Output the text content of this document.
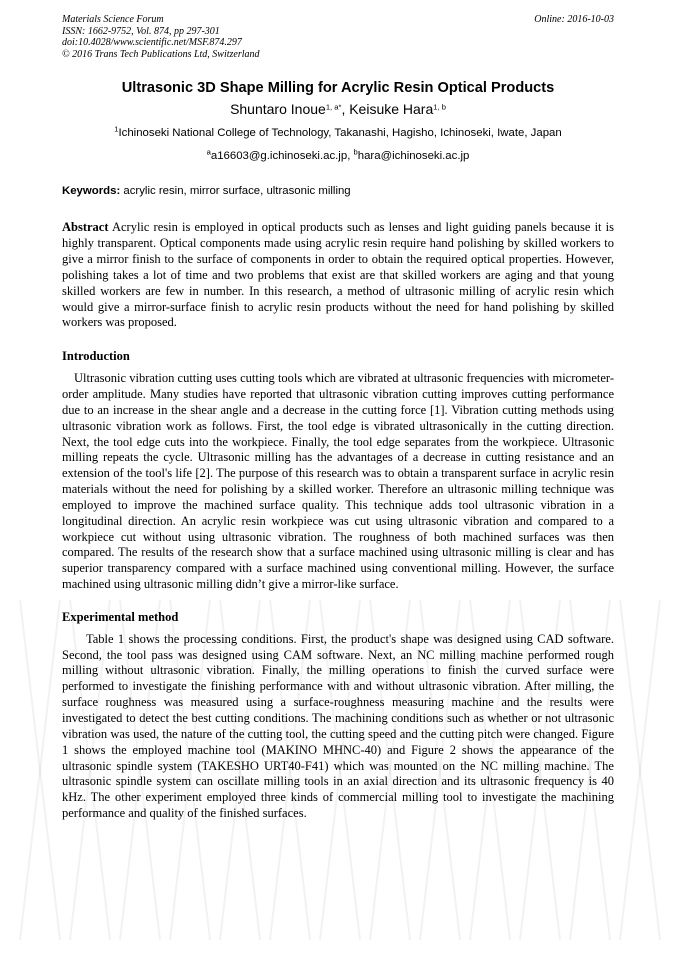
Materials Science Forum
ISSN: 1662-9752, Vol. 874, pp 297-301
doi:10.4028/www.scientific.net/MSF.874.297
© 2016 Trans Tech Publications Ltd, Switzerland
Online: 2016-10-03
Ultrasonic 3D Shape Milling for Acrylic Resin Optical Products
Shuntaro Inoue$^{1, a*}$, Keisuke Hara$^{1, b}$
$^1$Ichinoseki National College of Technology, Takanashi, Hagisho, Ichinoseki, Iwate, Japan
$^a$a16603@g.ichinoseki.ac.jp, $^b$hara@ichinoseki.ac.jp
Keywords: acrylic resin, mirror surface, ultrasonic milling

Abstract Acrylic resin is employed in optical products such as lenses and light guiding panels because it is highly transparent. Optical components made using acrylic resin require hand polishing by skilled workers to give a mirror finish to the surface of components in order to obtain the required optical properties. However, polishing takes a lot of time and two problems that exist are that skilled workers are aging and that young skilled workers are few in number. In this research, a method of ultrasonic milling of acrylic resin which would give a mirror-surface finish to acrylic resin products without the need for hand polishing by skilled workers was proposed.

Introduction

Ultrasonic vibration cutting uses cutting tools which are vibrated at ultrasonic frequencies with micrometer-order amplitude. Many studies have reported that ultrasonic vibration cutting improves cutting performance due to an increase in the shear angle and a decrease in the cutting force [1]. Vibration cutting methods using ultrasonic vibration work as follows. First, the tool edge is vibrated ultrasonically in the cutting direction. Next, the tool edge cuts into the workpiece. Finally, the tool edge separates from the workpiece. Ultrasonic milling repeats the cycle. Ultrasonic milling has the advantages of a decrease in cutting resistance and an extension of the tool's life [2]. The purpose of this research was to obtain a transparent surface in acrylic resin materials without the need for polishing by a skilled worker. Therefore an ultrasonic milling technique was employed to improve the machined surface quality. This technique adds tool ultrasonic vibration in a longitudinal direction. An acrylic resin workpiece was cut using ultrasonic vibration and compared to a workpiece cut without using ultrasonic vibration. The roughness of both machined surfaces was then compared. The results of the research show that a surface machined using ultrasonic milling is clear and has superior transparency compared with a surface machined using conventional milling. However, the surface machined using ultrasonic milling didn’t give a mirror-like surface.

Experimental method

Table 1 shows the processing conditions. First, the product's shape was designed using CAD software. Second, the tool pass was designed using CAM software. Next, an NC milling machine performed rough milling without ultrasonic vibration. Finally, the milling operations to finish the curved surface were performed to investigate the finishing performance with and without ultrasonic vibration. After milling, the surface roughness was measured using a surface-roughness measuring machine and the results were investigated to detect the best cutting conditions. The machining conditions such as whether or not ultrasonic vibration was used, the nature of the cutting tool, the cutting speed and the cutting pitch were changed. Figure 1 shows the employed machine tool (MAKINO MHNC-40) and Figure 2 shows the appearance of the ultrasonic spindle system (TAKESHO URT40-F41) which was mounted on the NC milling machine. The ultrasonic spindle system can oscillate milling tools in an axial direction and its ultrasonic frequency is 40 kHz. The other experiment employed three kinds of commercial milling tool to investigate the machining performance and quality of the finished surfaces.
